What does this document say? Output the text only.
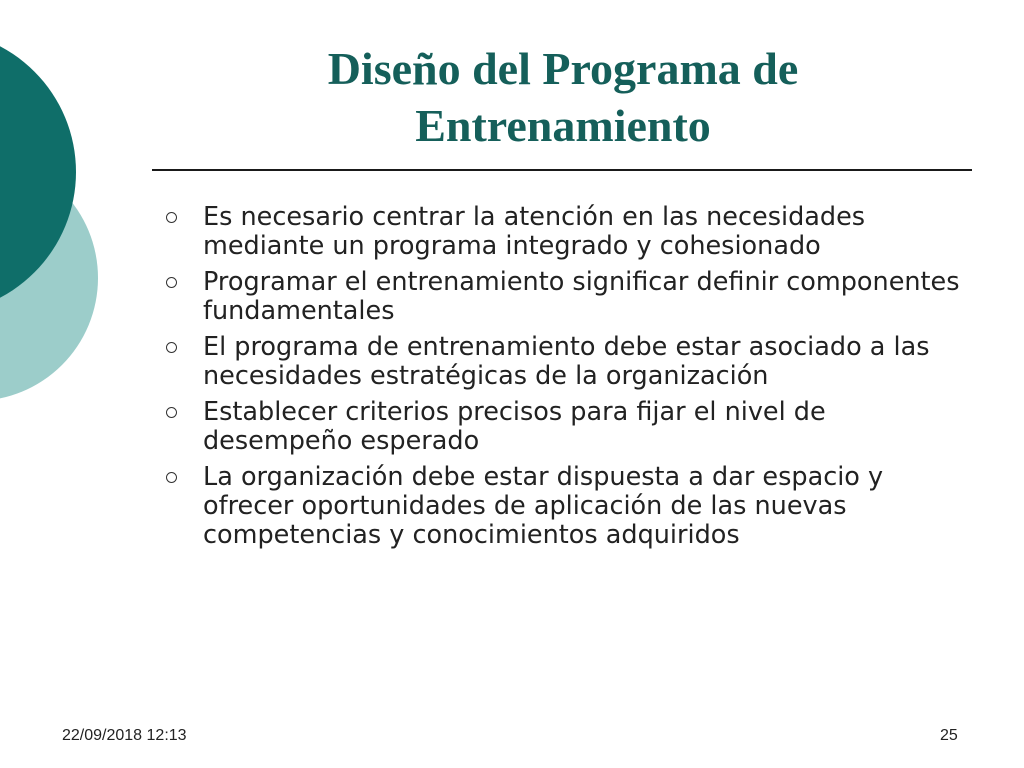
Diseño del Programa de
Entrenamiento
Es necesario centrar la atención en las necesidades mediante un programa integrado y cohesionado
Programar el entrenamiento significar definir componentes fundamentales
El programa de entrenamiento debe estar asociado a las necesidades estratégicas de la organización
Establecer criterios precisos para fijar el nivel de desempeño esperado
La organización debe estar dispuesta a dar espacio y ofrecer oportunidades de aplicación de las nuevas competencias y conocimientos adquiridos
22/09/2018 12:13	25
